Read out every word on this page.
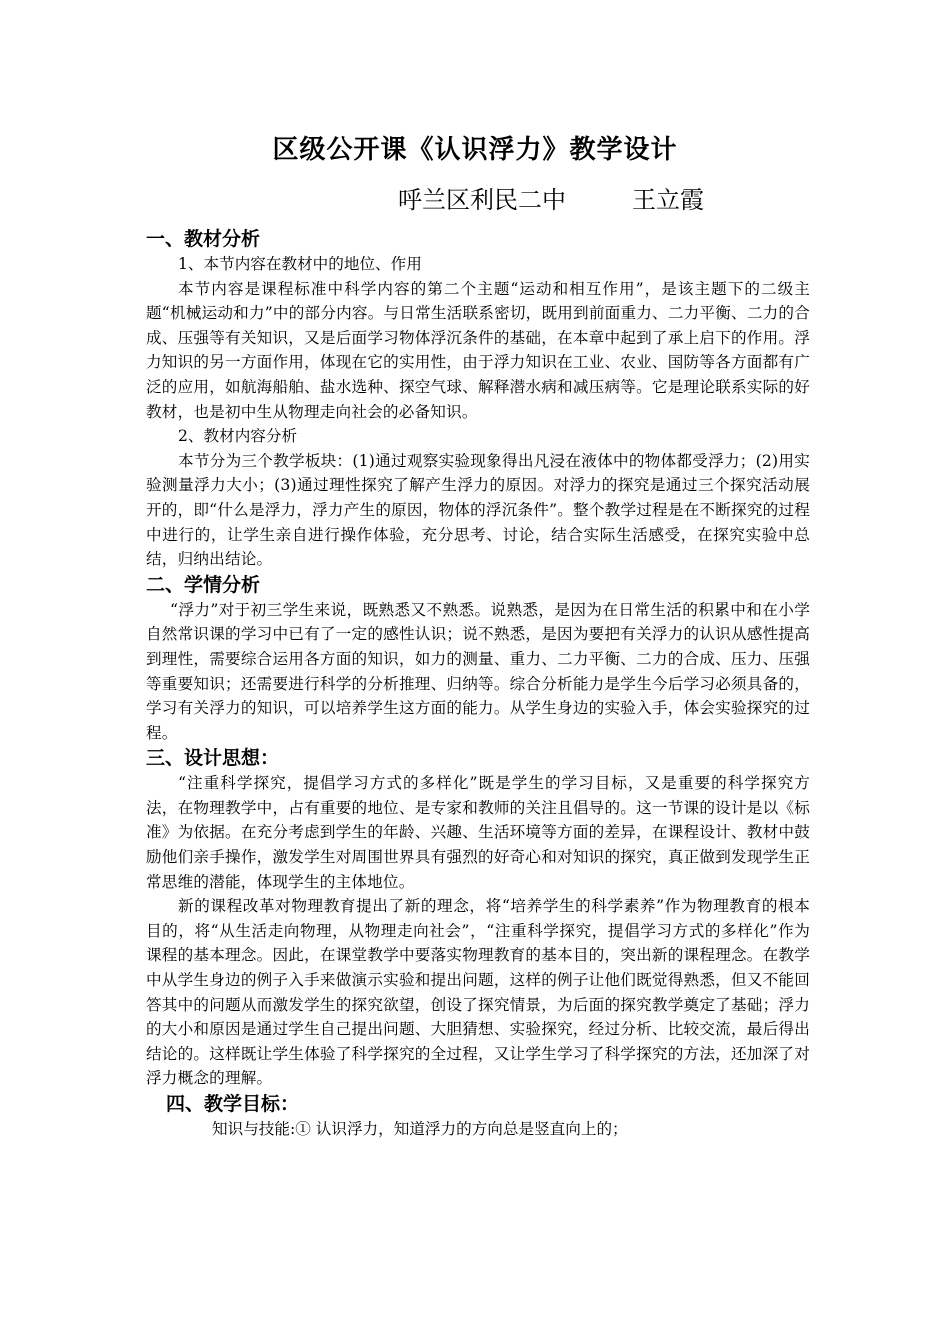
区级公开课《认识浮力》教学设计
呼兰区利民二中	王立霞
一、教材分析
1、本节内容在教材中的地位、作用
本节内容是课程标准中科学内容的第二个主题“运动和相互作用”，是该主题下的二级主题“机械运动和力”中的部分内容。与日常生活联系密切，既用到前面重力、二力平衡、二力的合成、压强等有关知识，又是后面学习物体浮沉条件的基础，在本章中起到了承上启下的作用。浮力知识的另一方面作用，体现在它的实用性，由于浮力知识在工业、农业、国防等各方面都有广泛的应用，如航海船舶、盐水选种、探空气球、解释潜水病和减压病等。它是理论联系实际的好教材，也是初中生从物理走向社会的必备知识。
2、教材内容分析
本节分为三个教学板块：(1)通过观察实验现象得出凡浸在液体中的物体都受浮力；(2)用实验测量浮力大小；(3)通过理性探究了解产生浮力的原因。对浮力的探究是通过三个探究活动展开的，即“什么是浮力，浮力产生的原因，物体的浮沉条件”。整个教学过程是在不断探究的过程中进行的，让学生亲自进行操作体验，充分思考、讨论，结合实际生活感受，在探究实验中总结，归纳出结论。
二、学情分析
“浮力”对于初三学生来说，既熟悉又不熟悉。说熟悉，是因为在日常生活的积累中和在小学自然常识课的学习中已有了一定的感性认识；说不熟悉，是因为要把有关浮力的认识从感性提高到理性，需要综合运用各方面的知识，如力的测量、重力、二力平衡、二力的合成、压力、压强等重要知识；还需要进行科学的分析推理、归纳等。综合分析能力是学生今后学习必须具备的，学习有关浮力的知识，可以培养学生这方面的能力。从学生身边的实验入手，体会实验探究的过程。
三、设计思想：
“注重科学探究，提倡学习方式的多样化”既是学生的学习目标，又是重要的科学探究方法，在物理教学中，占有重要的地位、是专家和教师的关注且倡导的。这一节课的设计是以《标准》为依据。在充分考虑到学生的年龄、兴趣、生活环境等方面的差异，在课程设计、教材中鼓励他们亲手操作，激发学生对周围世界具有强烈的好奇心和对知识的探究，真正做到发现学生正常思维的潜能，体现学生的主体地位。
新的课程改革对物理教育提出了新的理念，将“培养学生的科学素养”作为物理教育的根本目的，将“从生活走向物理，从物理走向社会”，“注重科学探究，提倡学习方式的多样化”作为课程的基本理念。因此，在课堂教学中要落实物理教育的基本目的，突出新的课程理念。在教学中从学生身边的例子入手来做演示实验和提出问题，这样的例子让他们既觉得熟悉，但又不能回答其中的问题从而激发学生的探究欲望，创设了探究情景，为后面的探究教学奠定了基础；浮力的大小和原因是通过学生自己提出问题、大胆猜想、实验探究，经过分析、比较交流，最后得出结论的。这样既让学生体验了科学探究的全过程，又让学生学习了科学探究的方法，还加深了对浮力概念的理解。
四、教学目标：
知识与技能:① 认识浮力，知道浮力的方向总是竖直向上的；
